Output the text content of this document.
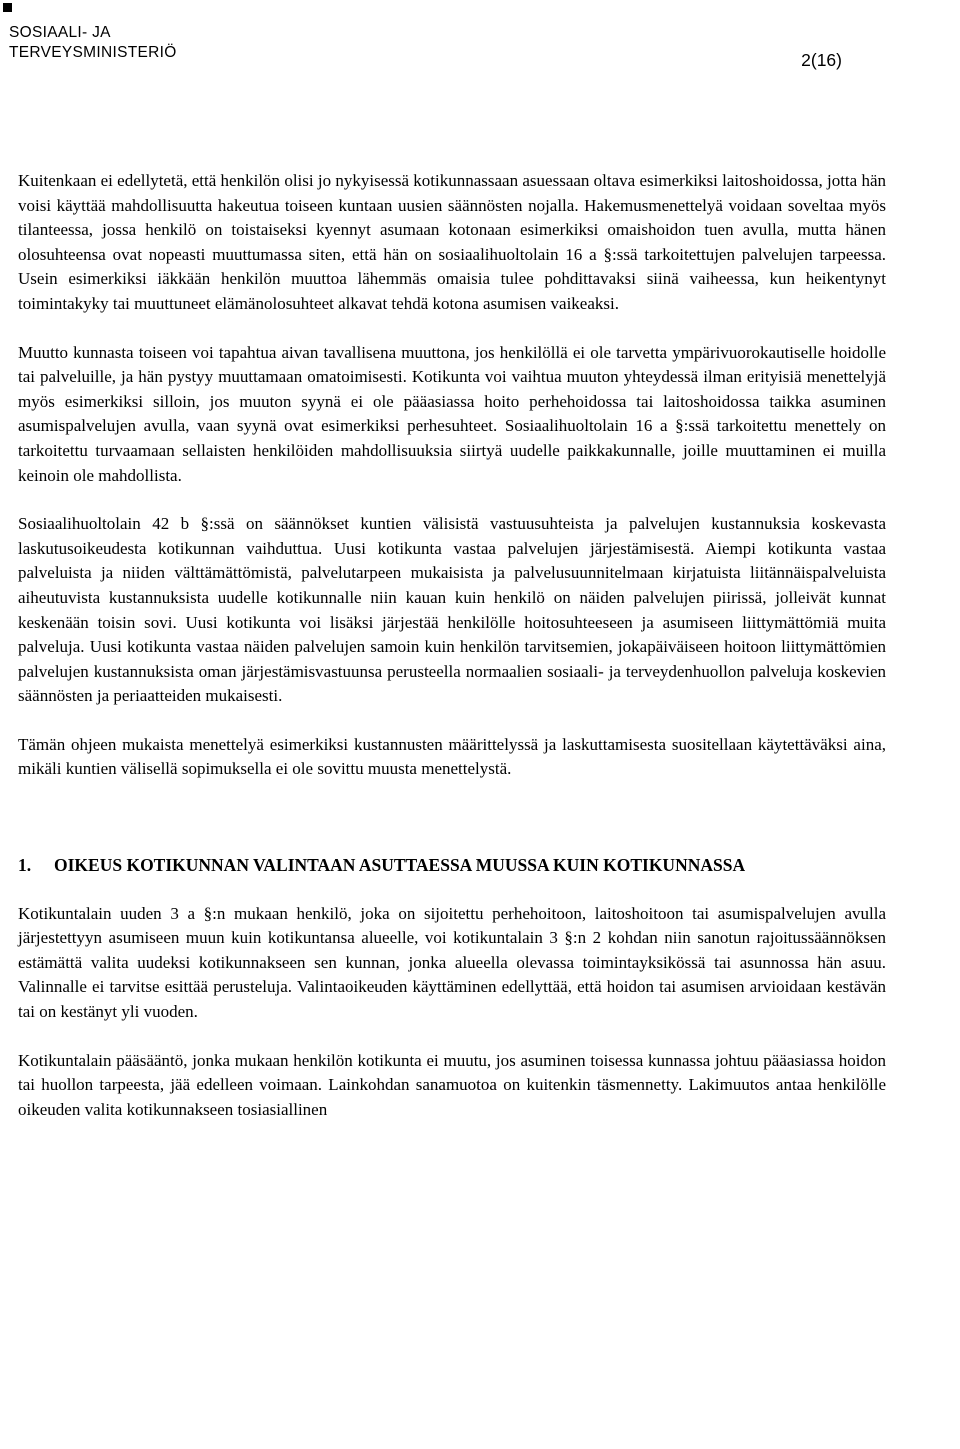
SOSIAALI- JA
TERVEYSMINISTERIÖ	2(16)

Kuitenkaan ei edellytetä, että henkilön olisi jo nykyisessä kotikunnassaan asuessaan oltava esimerkiksi laitoshoidossa, jotta hän voisi käyttää mahdollisuutta hakeutua toiseen kuntaan uusien säännösten nojalla. Hakemusmenettelyä voidaan soveltaa myös tilanteessa, jossa henkilö on toistaiseksi kyennyt asumaan kotonaan esimerkiksi omaishoidon tuen avulla, mutta hänen olosuhteensa ovat nopeasti muuttumassa siten, että hän on sosiaalihuoltolain 16 a §:ssä tarkoitettujen palvelujen tarpeessa. Usein esimerkiksi iäkkään henkilön muuttoa lähemmäs omaisia tulee pohdittavaksi siinä vaiheessa, kun heikentynyt toimintakyky tai muuttuneet elämänolosuhteet alkavat tehdä kotona asumisen vaikeaksi.

Muutto kunnasta toiseen voi tapahtua aivan tavallisena muuttona, jos henkilöllä ei ole tarvetta ympärivuorokautiselle hoidolle tai palveluille, ja hän pystyy muuttamaan omatoimisesti. Kotikunta voi vaihtua muuton yhteydessä ilman erityisiä menettelyjä myös esimerkiksi silloin, jos muuton syynä ei ole pääasiassa hoito perhehoidossa tai laitoshoidossa taikka asuminen asumispalvelujen avulla, vaan syynä ovat esimerkiksi perhesuhteet. Sosiaalihuoltolain 16 a §:ssä tarkoitettu menettely on tarkoitettu turvaamaan sellaisten henkilöiden mahdollisuuksia siirtyä uudelle paikkakunnalle, joille muuttaminen ei muilla keinoin ole mahdollista.

Sosiaalihuoltolain 42 b §:ssä on säännökset kuntien välisistä vastuusuhteista ja palvelujen kustannuksia koskevasta laskutusoikeudesta kotikunnan vaihduttua. Uusi kotikunta vastaa palvelujen järjestämisestä. Aiempi kotikunta vastaa palveluista ja niiden välttämättömistä, palvelutarpeen mukaisista ja palvelusuunnitelmaan kirjatuista liitännäispalveluista aiheutuvista kustannuksista uudelle kotikunnalle niin kauan kuin henkilö on näiden palvelujen piirissä, jolleivät kunnat keskenään toisin sovi. Uusi kotikunta voi lisäksi järjestää henkilölle hoitosuhteeseen ja asumiseen liittymättömiä muita palveluja. Uusi kotikunta vastaa näiden palvelujen samoin kuin henkilön tarvitsemien, jokapäiväiseen hoitoon liittymättömien palvelujen kustannuksista oman järjestämisvastuunsa perusteella normaalien sosiaali- ja terveydenhuollon palveluja koskevien säännösten ja periaatteiden mukaisesti.

Tämän ohjeen mukaista menettelyä esimerkiksi kustannusten määrittelyssä ja laskuttamisesta suositellaan käytettäväksi aina, mikäli kuntien välisellä sopimuksella ei ole sovittu muusta menettelystä.

1.	OIKEUS KOTIKUNNAN VALINTAAN ASUTTAESSA MUUSSA KUIN KOTIKUNNASSA

Kotikuntalain uuden 3 a §:n mukaan henkilö, joka on sijoitettu perhehoitoon, laitoshoitoon tai asumispalvelujen avulla järjestettyyn asumiseen muun kuin kotikuntansa alueelle, voi kotikuntalain 3 §:n 2 kohdan niin sanotun rajoitussäännöksen estämättä valita uudeksi kotikunnakseen sen kunnan, jonka alueella olevassa toimintayksikössä tai asunnossa hän asuu. Valinnalle ei tarvitse esittää perusteluja. Valintaoikeuden käyttäminen edellyttää, että hoidon tai asumisen arvioidaan kestävän tai on kestänyt yli vuoden.

Kotikuntalain pääsääntö, jonka mukaan henkilön kotikunta ei muutu, jos asuminen toisessa kunnassa johtuu pääasiassa hoidon tai huollon tarpeesta, jää edelleen voimaan. Lainkohdan sanamuotoa on kuitenkin täsmennetty. Lakimuutos antaa henkilölle oikeuden valita kotikunnakseen tosiasiallinen
